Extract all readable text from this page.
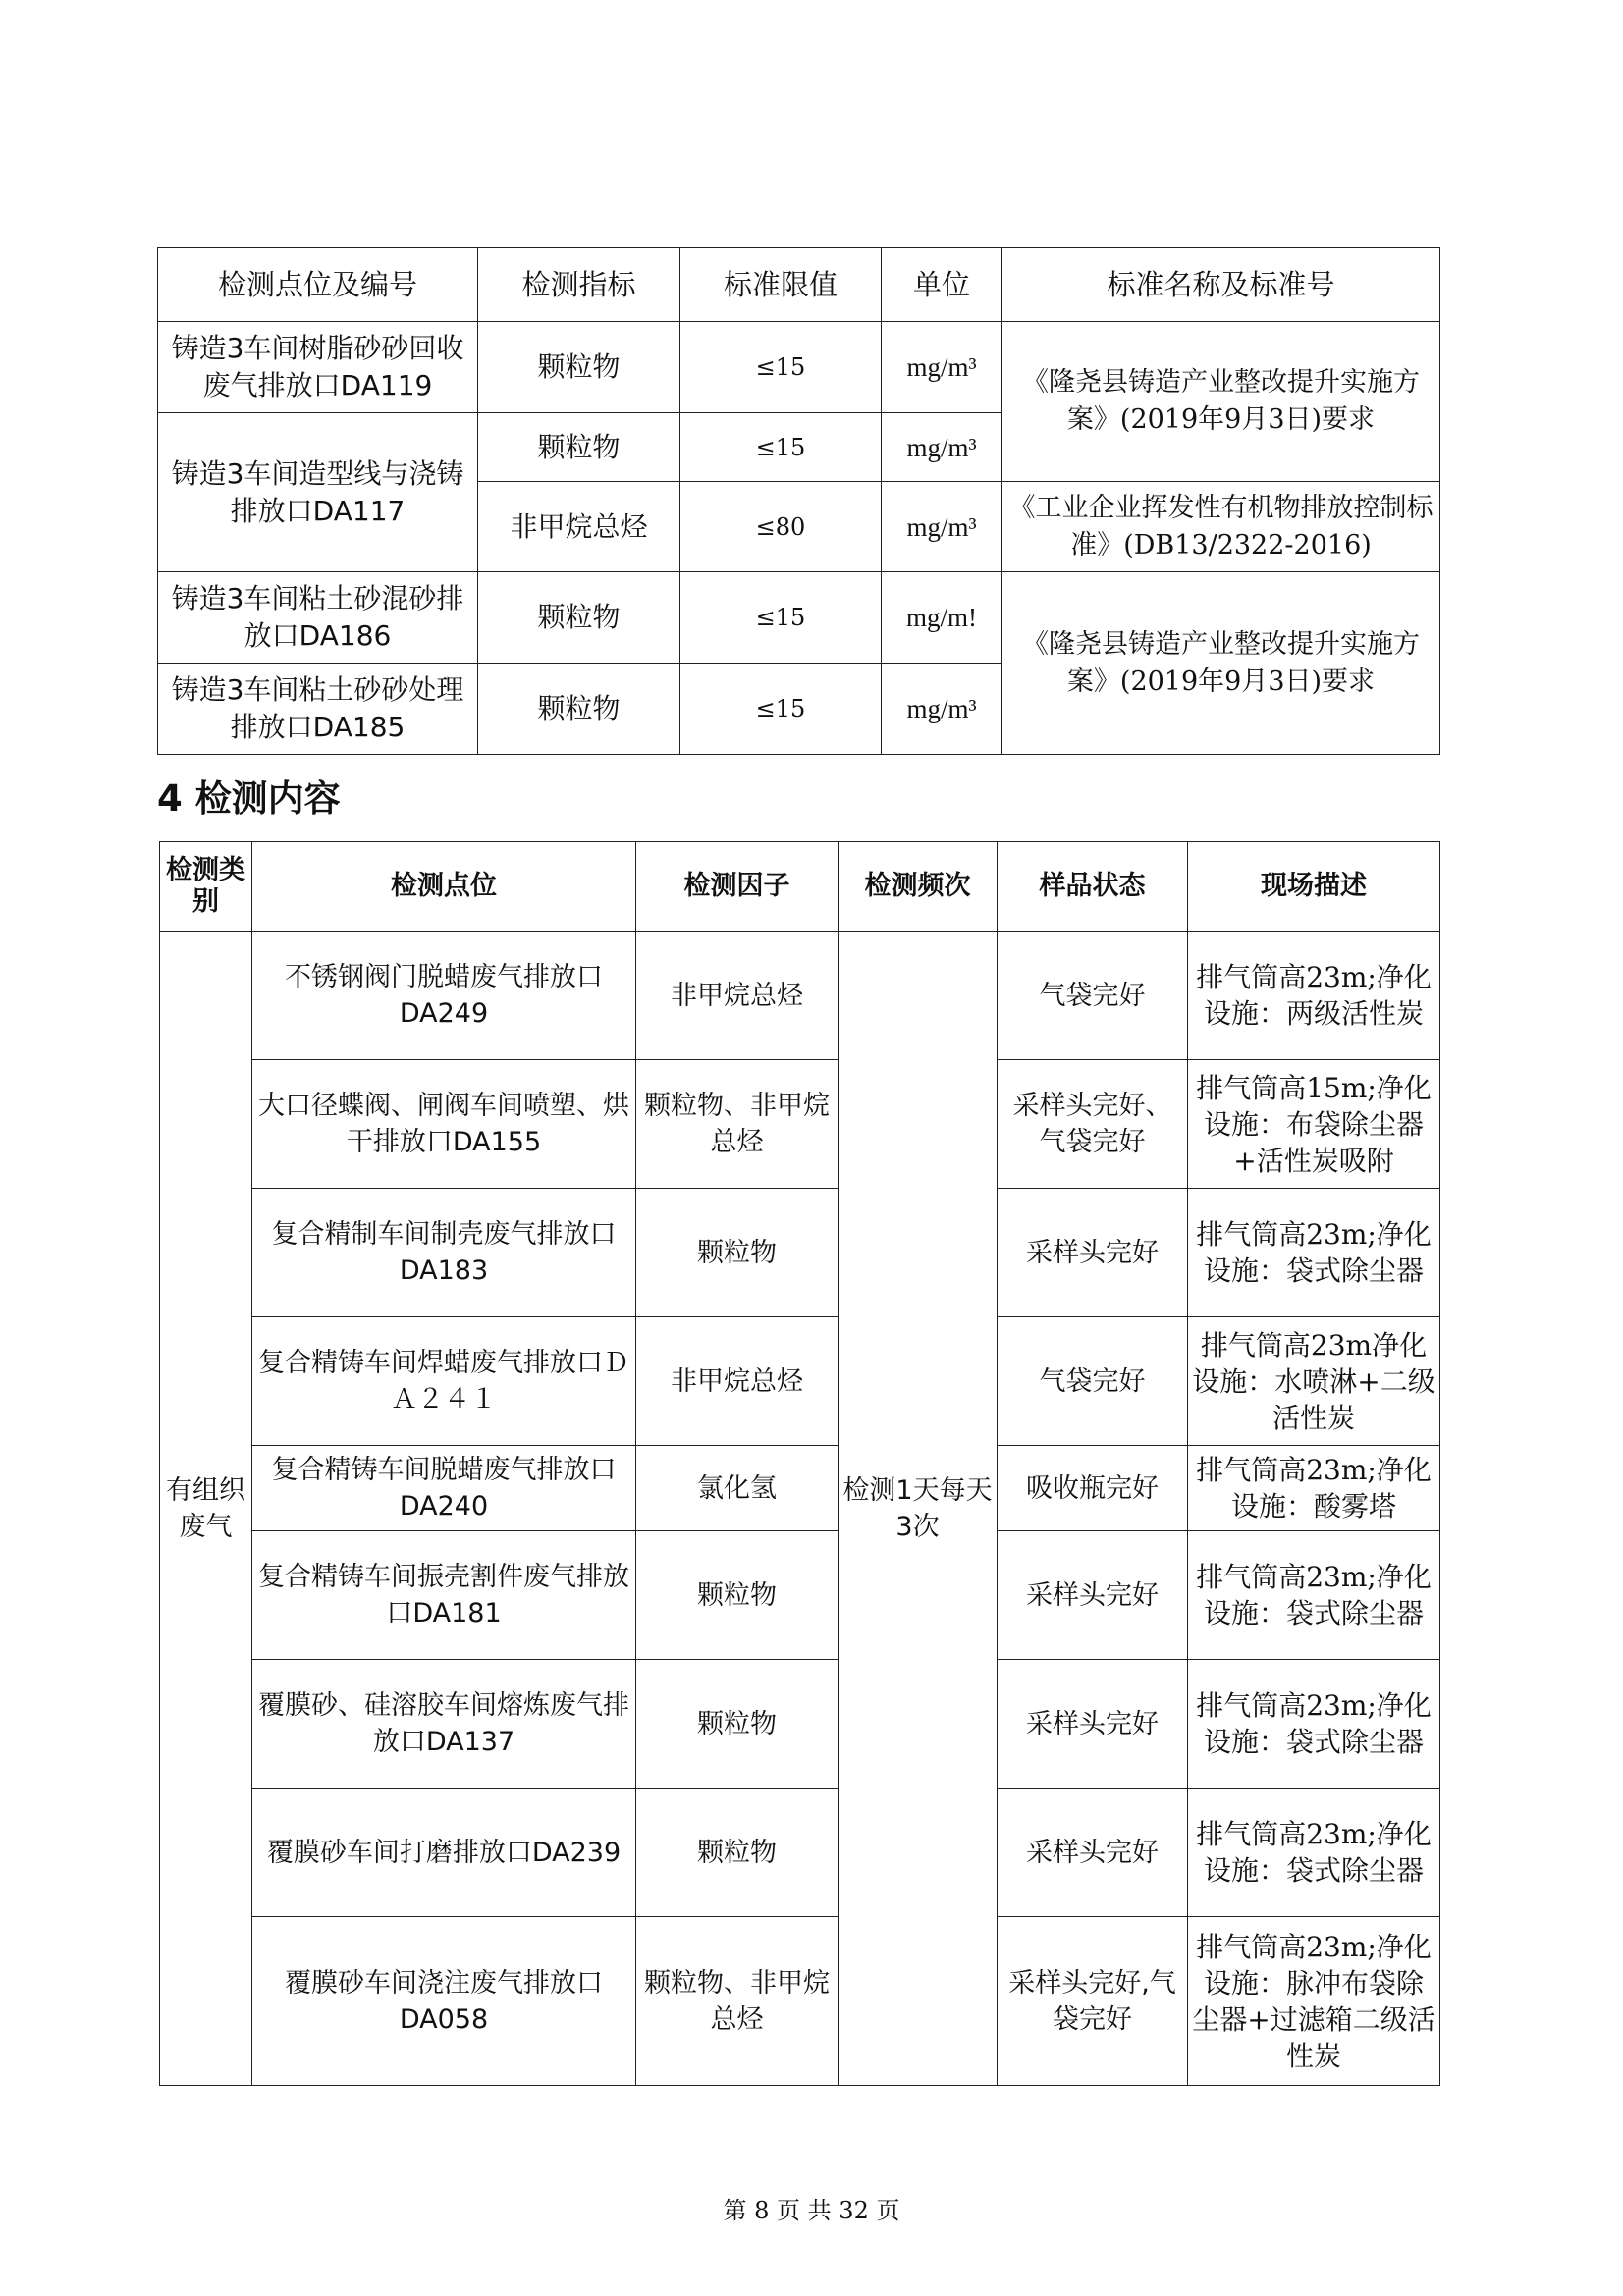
检测点位及编号	检测指标	标准限值	单位	标准名称及标准号
铸造3车间树脂砂砂回收废气排放口DA119	颗粒物	≤15	mg/m³	《隆尧县铸造产业整改提升实施方案》(2019年9月3日)要求
铸造3车间造型线与浇铸排放口DA117	颗粒物	≤15	mg/m³	
	非甲烷总烃	≤80	mg/m³	《工业企业挥发性有机物排放控制标准》(DB13/2322-2016)
铸造3车间粘土砂混砂排放口DA186	颗粒物	≤15	mg/m!	《隆尧县铸造产业整改提升实施方案》(2019年9月3日)要求
铸造3车间粘土砂砂处理排放口DA185	颗粒物	≤15	mg/m³	
4 检测内容
检测类别	检测点位	检测因子	检测频次	样品状态	现场描述
有组织废气	不锈钢阀门脱蜡废气排放口DA249	非甲烷总烃	检测1天每天3次	气袋完好	排气筒高23m;净化设施：两级活性炭
	大口径蝶阀、闸阀车间喷塑、烘干排放口DA155	颗粒物、非甲烷总烃		采样头完好、气袋完好	排气筒高15m;净化设施：布袋除尘器+活性炭吸附
	复合精制车间制壳废气排放口DA183	颗粒物		采样头完好	排气筒高23m;净化设施：袋式除尘器
	复合精铸车间焊蜡废气排放口ＤＡ２４１	非甲烷总烃		气袋完好	排气筒高23m净化设施：水喷淋+二级活性炭
	复合精铸车间脱蜡废气排放口DA240	氯化氢		吸收瓶完好	排气筒高23m;净化设施：酸雾塔
	复合精铸车间振壳割件废气排放口DA181	颗粒物		采样头完好	排气筒高23m;净化设施：袋式除尘器
	覆膜砂、硅溶胶车间熔炼废气排放口DA137	颗粒物		采样头完好	排气筒高23m;净化设施：袋式除尘器
	覆膜砂车间打磨排放口DA239	颗粒物		采样头完好	排气筒高23m;净化设施：袋式除尘器
	覆膜砂车间浇注废气排放口DA058	颗粒物、非甲烷总烃		采样头完好,气袋完好	排气筒高23m;净化设施：脉冲布袋除尘器+过滤箱二级活性炭
第 8 页 共 32 页
